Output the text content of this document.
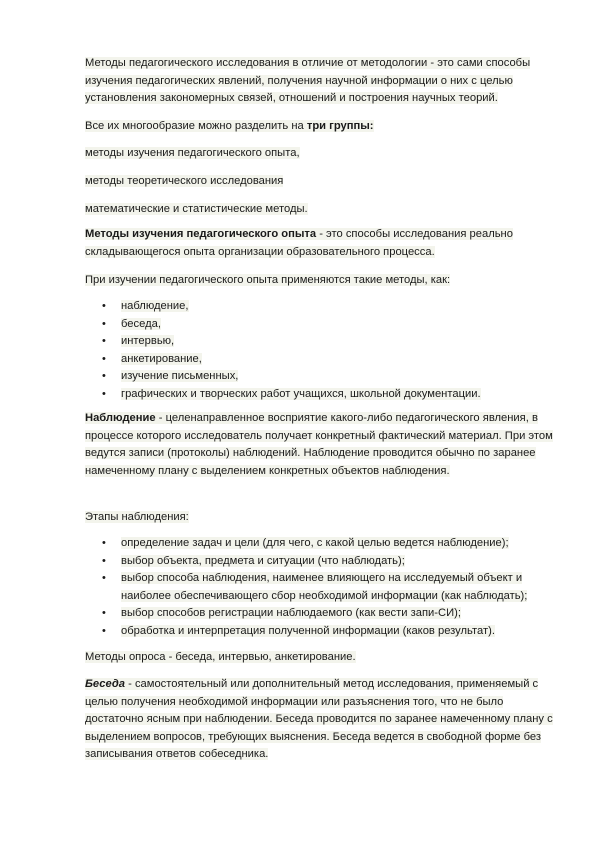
Методы педагогического исследования в отличие от методологии - это сами способы изучения педагогических явлений, получения научной информации о них с целью установления закономерных связей, отношений и построения научных теорий.

Все их многообразие можно разделить на три группы:

методы изучения педагогического опыта,

методы теоретического исследования

математические и статистические методы.

Методы изучения педагогического опыта - это способы исследования реально складывающегося опыта организации образовательного процесса.

При изучении педагогического опыта применяются такие методы, как:

• наблюдение,
• беседа,
• интервью,
• анкетирование,
• изучение письменных,
• графических и творческих работ учащихся, школьной документации.

Наблюдение - целенаправленное восприятие какого-либо педагогического явления, в процессе которого исследователь получает конкретный фактический материал. При этом ведутся записи (протоколы) наблюдений. Наблюдение проводится обычно по заранее намеченному плану с выделением конкретных объектов наблюдения.

Этапы наблюдения:

• определение задач и цели (для чего, с какой целью ведется наблюдение);
• выбор объекта, предмета и ситуации (что наблюдать);
• выбор способа наблюдения, наименее влияющего на исследуемый объект и наиболее обеспечивающего сбор необходимой информации (как наблюдать);
• выбор способов регистрации наблюдаемого (как вести запи-СИ);
• обработка и интерпретация полученной информации (каков результат).

Методы опроса - беседа, интервью, анкетирование.

Беседа - самостоятельный или дополнительный метод исследования, применяемый с целью получения необходимой информации или разъяснения того, что не было достаточно ясным при наблюдении. Беседа проводится по заранее намеченному плану с выделением вопросов, требующих выяснения. Беседа ведется в свободной форме без записывания ответов собеседника.
